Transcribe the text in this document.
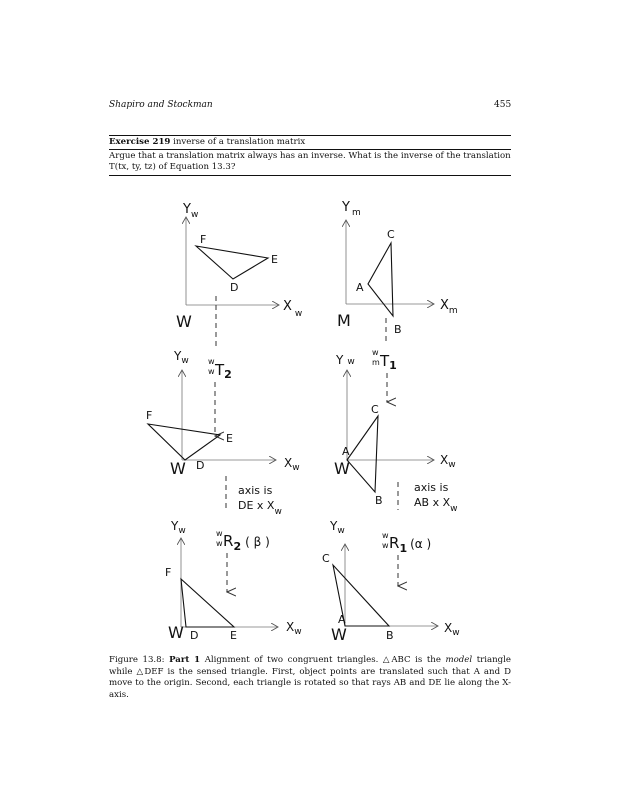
Shapiro and Stockman	455
Exercise 219 inverse of a translation matrix
Argue that a translation matrix always has an inverse. What is the inverse of the translation T(tx, ty, tz) of Equation 13.3?
$Y_w$
X $_w$
W
F
E
D
Y $_m$
$X_m$
M
C
A
B
w $wT_2$
$Y_w$
$X_w$
W
F
E
D
axis is
DE x $X_w$
w $mT_1$
Y w
$X_w$
W
C
A
B
axis is
AB x $X_w$
w $wR_2$ $^{( \beta )}$
$Y_w$
$X_w$
W
F
D	E
w $wR_1$ $^{(\alpha )}$
$Y_w$
$X_w$
W
C
A
B
Figure 13.8: Part 1 Alignment of two congruent triangles. △ABC is the model triangle while △DEF is the sensed triangle. First, object points are translated such that A and D move to the origin. Second, each triangle is rotated so that rays AB and DE lie along the X-axis.
